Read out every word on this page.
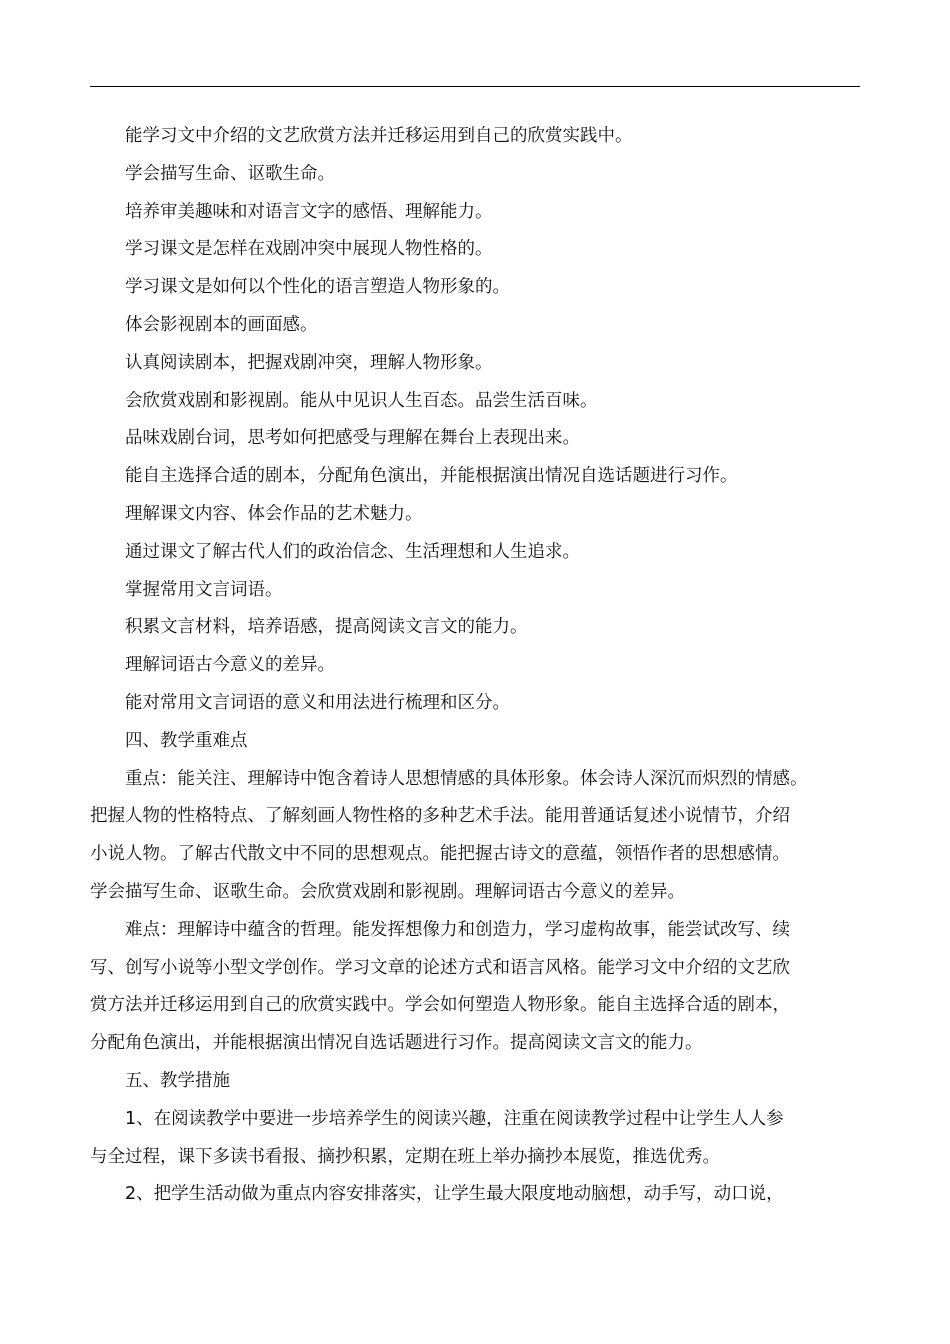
能学习文中介绍的文艺欣赏方法并迁移运用到自己的欣赏实践中。

学会描写生命、讴歌生命。

培养审美趣味和对语言文字的感悟、理解能力。

学习课文是怎样在戏剧冲突中展现人物性格的。

学习课文是如何以个性化的语言塑造人物形象的。

体会影视剧本的画面感。

认真阅读剧本，把握戏剧冲突，理解人物形象。

会欣赏戏剧和影视剧。能从中见识人生百态。品尝生活百味。

品味戏剧台词，思考如何把感受与理解在舞台上表现出来。

能自主选择合适的剧本，分配角色演出，并能根据演出情况自选话题进行习作。

理解课文内容、体会作品的艺术魅力。

通过课文了解古代人们的政治信念、生活理想和人生追求。

掌握常用文言词语。

积累文言材料，培养语感，提高阅读文言文的能力。

理解词语古今意义的差异。

能对常用文言词语的意义和用法进行梳理和区分。

四、教学重难点

重点：能关注、理解诗中饱含着诗人思想情感的具体形象。体会诗人深沉而炽烈的情感。
把握人物的性格特点、了解刻画人物性格的多种艺术手法。能用普通话复述小说情节，介绍
小说人物。了解古代散文中不同的思想观点。能把握古诗文的意蕴，领悟作者的思想感情。
学会描写生命、讴歌生命。会欣赏戏剧和影视剧。理解词语古今意义的差异。
难点：理解诗中蕴含的哲理。能发挥想像力和创造力，学习虚构故事，能尝试改写、续
写、创写小说等小型文学创作。学习文章的论述方式和语言风格。能学习文中介绍的文艺欣
赏方法并迁移运用到自己的欣赏实践中。学会如何塑造人物形象。能自主选择合适的剧本，
分配角色演出，并能根据演出情况自选话题进行习作。提高阅读文言文的能力。

五、教学措施

1、在阅读教学中要进一步培养学生的阅读兴趣，注重在阅读教学过程中让学生人人参
与全过程，课下多读书看报、摘抄积累，定期在班上举办摘抄本展览，推选优秀。
2、把学生活动做为重点内容安排落实，让学生最大限度地动脑想，动手写，动口说，
